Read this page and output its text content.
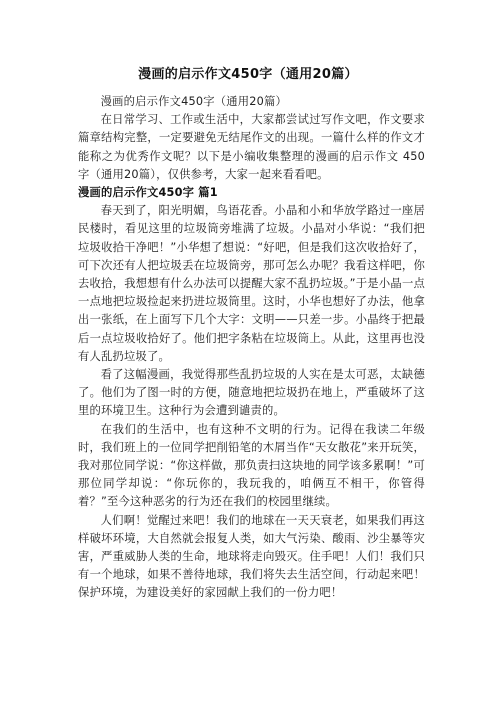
漫画的启示作文450字（通用20篇）

漫画的启示作文450字（通用20篇）

在日常学习、工作或生活中，大家都尝试过写作文吧，作文要求篇章结构完整，一定要避免无结尾作文的出现。一篇什么样的作文才能称之为优秀作文呢？以下是小编收集整理的漫画的启示作文 450 字（通用20篇），仅供参考，大家一起来看看吧。

漫画的启示作文450字 篇1

春天到了，阳光明媚，鸟语花香。小晶和小和华放学路过一座居民楼时，看见这里的垃圾筒旁堆满了垃圾。小晶对小华说：“我们把垃圾收拾干净吧！”小华想了想说：“好吧，但是我们这次收拾好了，可下次还有人把垃圾丢在垃圾筒旁，那可怎么办呢？我看这样吧，你去收拾，我想想有什么办法可以提醒大家不乱扔垃圾。”于是小晶一点一点地把垃圾捡起来扔进垃圾筒里。这时，小华也想好了办法，他拿出一张纸，在上面写下几个大字：文明——只差一步。小晶终于把最后一点垃圾收拾好了。他们把字条粘在垃圾筒上。从此，这里再也没有人乱扔垃圾了。

看了这幅漫画，我觉得那些乱扔垃圾的人实在是太可恶，太缺德了。他们为了图一时的方便，随意地把垃圾扔在地上，严重破坏了这里的环境卫生。这种行为会遭到谴责的。

在我们的生活中，也有这种不文明的行为。记得在我读二年级时，我们班上的一位同学把削铅笔的木屑当作“天女散花”来开玩笑，我对那位同学说：“你这样做，那负责扫这块地的同学该多累啊！”可那位同学却说：“你玩你的，我玩我的，咱俩互不相干，你管得着？”至今这种恶劣的行为还在我们的校园里继续。

人们啊！觉醒过来吧！我们的地球在一天天衰老，如果我们再这样破坏环境，大自然就会报复人类，如大气污染、酸雨、沙尘暴等灾害，严重威胁人类的生命，地球将走向毁灭。住手吧！人们！我们只有一个地球，如果不善待地球，我们将失去生活空间，行动起来吧！保护环境，为建设美好的家园献上我们的一份力吧！
